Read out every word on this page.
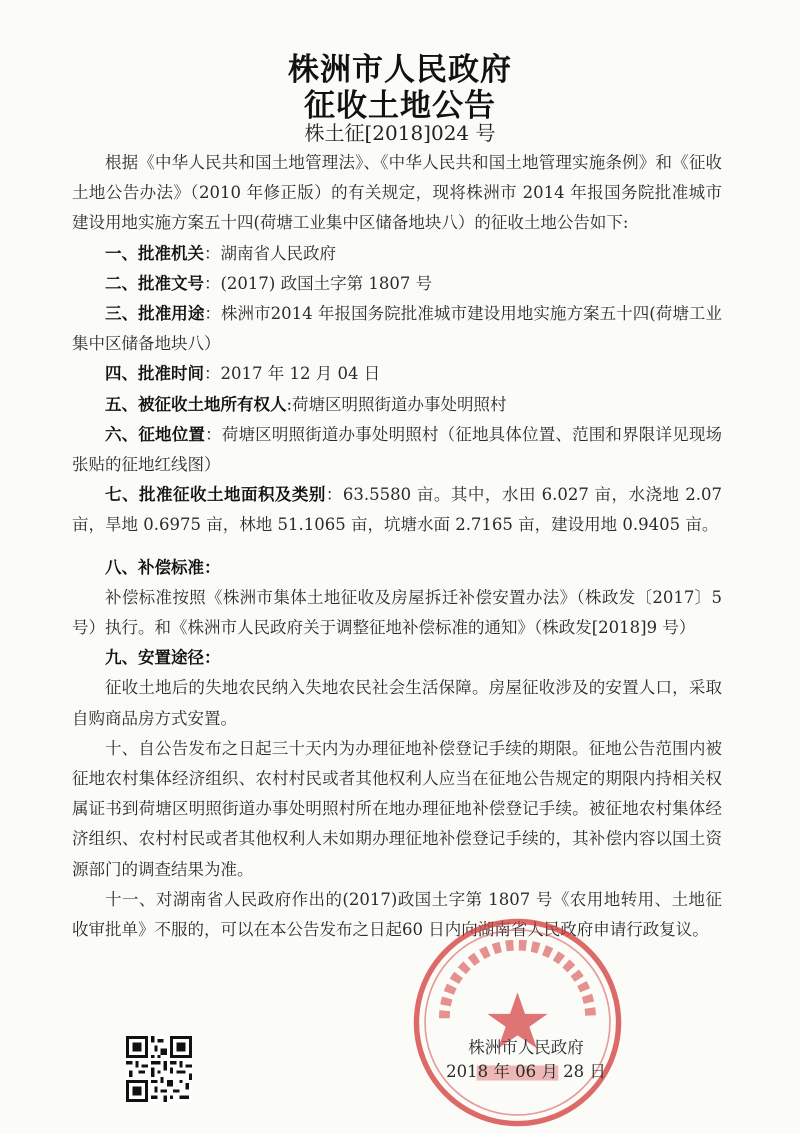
株洲市人民政府
征收土地公告
株土征[2018]024 号

根据《中华人民共和国土地管理法》、《中华人民共和国土地管理实施条例》和《征收土地公告办法》（2010 年修正版）的有关规定，现将株洲市 2014 年报国务院批准城市建设用地实施方案五十四(荷塘工业集中区储备地块八）的征收土地公告如下:

一、批准机关：湖南省人民政府

二、批准文号：(2017) 政国土字第 1807 号

三、批准用途：株洲市2014 年报国务院批准城市建设用地实施方案五十四(荷塘工业集中区储备地块八）

四、批准时间：2017 年 12 月 04 日

五、被征收土地所有权人:荷塘区明照街道办事处明照村

六、征地位置：荷塘区明照街道办事处明照村（征地具体位置、范围和界限详见现场张贴的征地红线图）

七、批准征收土地面积及类别：63.5580 亩。其中，水田 6.027 亩，水浇地 2.07 亩，旱地 0.6975 亩，林地 51.1065 亩，坑塘水面 2.7165 亩，建设用地 0.9405 亩。

八、补偿标准：

补偿标准按照《株洲市集体土地征收及房屋拆迁补偿安置办法》（株政发〔2017〕5 号）执行。和《株洲市人民政府关于调整征地补偿标准的通知》（株政发[2018]9 号）

九、安置途径：

征收土地后的失地农民纳入失地农民社会生活保障。房屋征收涉及的安置人口，采取自购商品房方式安置。

十、自公告发布之日起三十天内为办理征地补偿登记手续的期限。征地公告范围内被征地农村集体经济组织、农村村民或者其他权利人应当在征地公告规定的期限内持相关权属证书到荷塘区明照街道办事处明照村所在地办理征地补偿登记手续。被征地农村集体经济组织、农村村民或者其他权利人未如期办理征地补偿登记手续的，其补偿内容以国土资源部门的调查结果为准。

十一、对湖南省人民政府作出的(2017)政国土字第 1807 号《农用地转用、土地征收审批单》不服的，可以在本公告发布之日起60 日内向湖南省人民政府申请行政复议。

株洲市人民政府
2018 年 06 月 28 日
